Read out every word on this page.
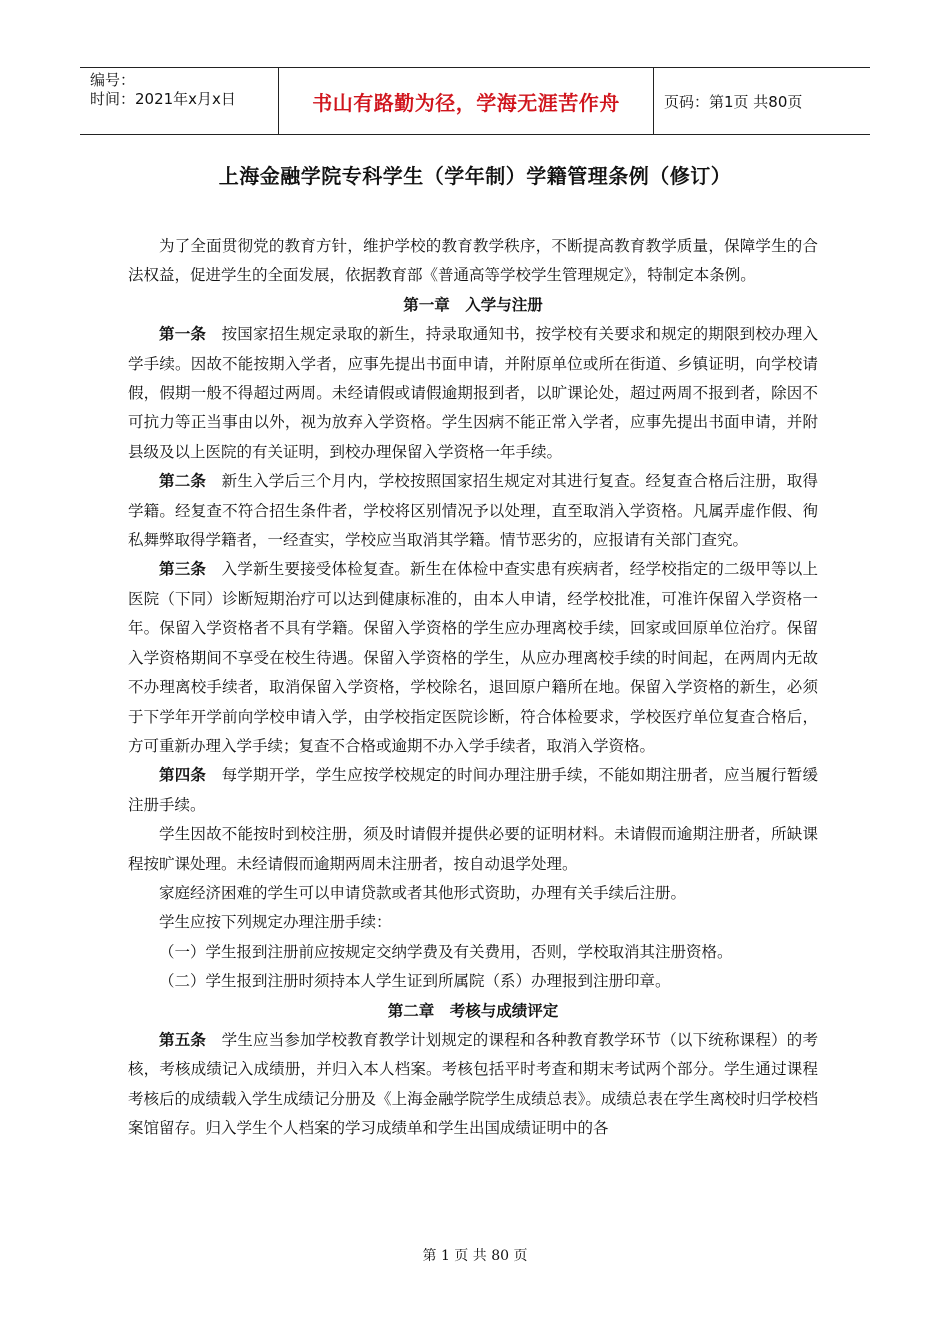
编号：
时间：2021年x月x日	书山有路勤为径，学海无涯苦作舟	页码：第1页 共80页
上海金融学院专科学生（学年制）学籍管理条例（修订）

为了全面贯彻党的教育方针，维护学校的教育教学秩序，不断提高教育教学质量，保障学生的合法权益，促进学生的全面发展，依据教育部《普通高等学校学生管理规定》，特制定本条例。

第一章　入学与注册

第一条 按国家招生规定录取的新生，持录取通知书，按学校有关要求和规定的期限到校办理入学手续。因故不能按期入学者，应事先提出书面申请，并附原单位或所在街道、乡镇证明，向学校请假，假期一般不得超过两周。未经请假或请假逾期报到者，以旷课论处，超过两周不报到者，除因不可抗力等正当事由以外，视为放弃入学资格。学生因病不能正常入学者，应事先提出书面申请，并附县级及以上医院的有关证明，到校办理保留入学资格一年手续。

第二条 新生入学后三个月内，学校按照国家招生规定对其进行复查。经复查合格后注册，取得学籍。经复查不符合招生条件者，学校将区别情况予以处理，直至取消入学资格。凡属弄虚作假、徇私舞弊取得学籍者，一经查实，学校应当取消其学籍。情节恶劣的，应报请有关部门查究。

第三条 入学新生要接受体检复查。新生在体检中查实患有疾病者，经学校指定的二级甲等以上医院（下同）诊断短期治疗可以达到健康标准的，由本人申请，经学校批准，可准许保留入学资格一年。保留入学资格者不具有学籍。保留入学资格的学生应办理离校手续，回家或回原单位治疗。保留入学资格期间不享受在校生待遇。保留入学资格的学生，从应办理离校手续的时间起，在两周内无故不办理离校手续者，取消保留入学资格，学校除名，退回原户籍所在地。保留入学资格的新生，必须于下学年开学前向学校申请入学，由学校指定医院诊断，符合体检要求，学校医疗单位复查合格后，方可重新办理入学手续；复查不合格或逾期不办入学手续者，取消入学资格。

第四条 每学期开学，学生应按学校规定的时间办理注册手续，不能如期注册者，应当履行暂缓注册手续。

学生因故不能按时到校注册，须及时请假并提供必要的证明材料。未请假而逾期注册者，所缺课程按旷课处理。未经请假而逾期两周未注册者，按自动退学处理。

家庭经济困难的学生可以申请贷款或者其他形式资助，办理有关手续后注册。

学生应按下列规定办理注册手续：

（一）学生报到注册前应按规定交纳学费及有关费用，否则，学校取消其注册资格。

（二）学生报到注册时须持本人学生证到所属院（系）办理报到注册印章。

第二章　考核与成绩评定

第五条 学生应当参加学校教育教学计划规定的课程和各种教育教学环节（以下统称课程）的考核，考核成绩记入成绩册，并归入本人档案。考核包括平时考查和期末考试两个部分。学生通过课程考核后的成绩载入学生成绩记分册及《上海金融学院学生成绩总表》。成绩总表在学生离校时归学校档案馆留存。归入学生个人档案的学习成绩单和学生出国成绩证明中的各

第 1 页 共 80 页
